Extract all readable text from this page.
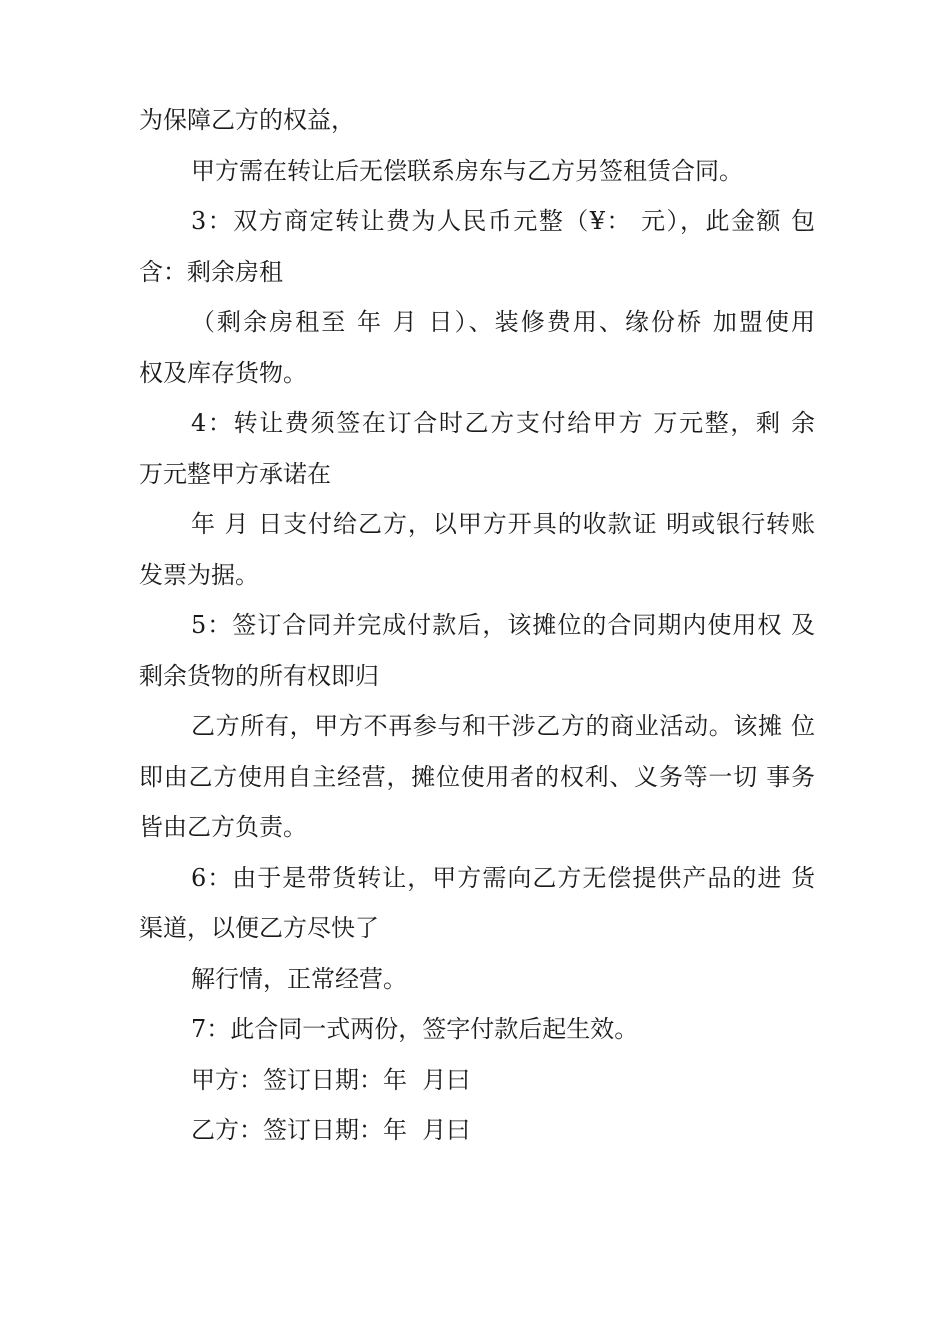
为保障乙方的权益，

甲方需在转让后无偿联系房东与乙方另签租赁合同。

3：双方商定转让费为人民币元整（¥： 元），此金额 包

含：剩余房租

（剩余房租至 年 月 日）、装修费用、缘份桥 加盟使用

权及库存货物。

4：转让费须签在订合时乙方支付给甲方 万元整，剩 余

万元整甲方承诺在

年 月 日支付给乙方，以甲方开具的收款证 明或银行转账

发票为据。

5：签订合同并完成付款后，该摊位的合同期内使用权 及

剩余货物的所有权即归

乙方所有，甲方不再参与和干涉乙方的商业活动。该摊 位

即由乙方使用自主经营，摊位使用者的权利、义务等一切 事务

皆由乙方负责。

6：由于是带货转让，甲方需向乙方无偿提供产品的进 货

渠道，以便乙方尽快了

解行情，正常经营。

7：此合同一式两份，签字付款后起生效。

甲方：签订日期：年  月曰

乙方：签订日期：年  月曰
